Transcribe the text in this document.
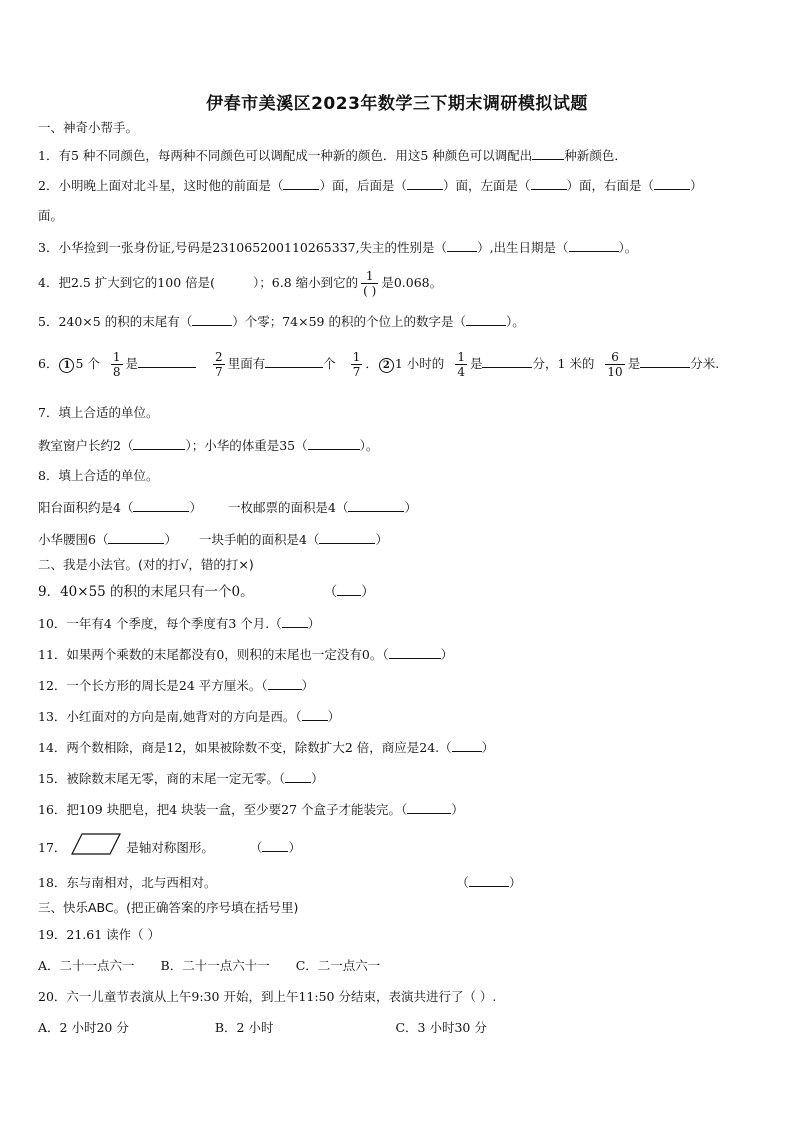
伊春市美溪区2023年数学三下期末调研模拟试题
一、神奇小帮手。
1．有5 种不同颜色，每两种不同颜色可以调配成一种新的颜色．用这5 种颜色可以调配出	种新颜色．
2．小明晚上面对北斗星，这时他的前面是（	）面，后面是（	）面，左面是（	）面，右面是（	）
面。
3．小华捡到一张身份证,号码是231065200110265337,失主的性别是（ ）,出生日期是（	）。
4．把2.5 扩大到它的100 倍是(	）；6.8 缩小到它的 $\frac{1}{( )}$ 是0.068。
5．240×5 的积的末尾有（	）个零；74×59 的积的个位上的数字是（	）。
6． 1 5 个 $\frac{1}{8}$ 是	$\frac{2}{7}$ 里面有	个 $\frac{1}{7}$ ． 2 1 小时的 $\frac{1}{4}$ 是	分，1 米的 $\frac{6}{10}$ 是	分米.
7．填上合适的单位。
教室窗户长约2（	）；小华的体重是35（	）。
8．填上合适的单位。
阳台面积约是4（	） 一枚邮票的面积是4（	）
小华腰围6（	） 一块手帕的面积是4（	）
二、我是小法官。(对的打√，错的打×)
9．40×55 的积的末尾只有一个0。	（ ）
10．一年有4 个季度，每个季度有3 个月.（ ）
11．如果两个乘数的末尾都没有0，则积的末尾也一定没有0。（	）
12．一个长方形的周长是24 平方厘米。（	）
13．小红面对的方向是南,她背对的方向是西。（ ）
14．两个数相除，商是12，如果被除数不变，除数扩大2 倍，商应是24.（ ）
15．被除数末尾无零，商的末尾一定无零。（ ）
16．把109 块肥皂，把4 块装一盒，至少要27 个盒子才能装完。（	）
17．	是轴对称图形。	（ ）
18．东与南相对，北与西相对。	（	）
三、快乐ABC。(把正确答案的序号填在括号里)
19．21.61 读作（ ）
A．二十一点六一 B．二十一点六十一 C．二一点六一
20．六一儿童节表演从上午9:30 开始，到上午11:50 分结束，表演共进行了（ ）.
A．2 小时20 分	B．2 小时	C．3 小时30 分
